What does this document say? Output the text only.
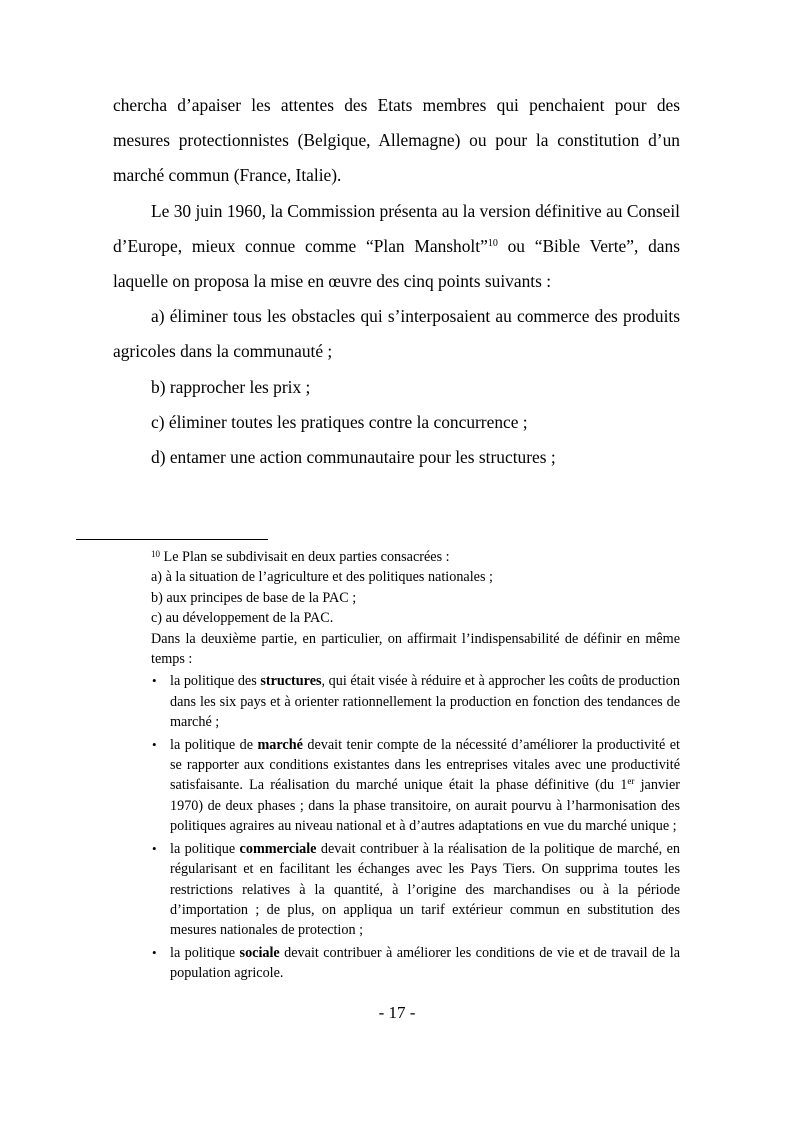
chercha d’apaiser les attentes des Etats membres qui penchaient pour des mesures protectionnistes (Belgique, Allemagne) ou pour la constitution d’un marché commun (France, Italie).

Le 30 juin 1960, la Commission présenta au la version définitive au Conseil d’Europe, mieux connue comme “Plan Mansholt”$^{10}$ ou “Bible Verte”, dans laquelle on proposa la mise en œuvre des cinq points suivants :

a) éliminer tous les obstacles qui s’interposaient au commerce des produits agricoles dans la communauté ;

b) rapprocher les prix ;

c) éliminer toutes les pratiques contre la concurrence ;

d) entamer une action communautaire pour les structures ;

$^{10}$ Le Plan se subdivisait en deux parties consacrées :

a) à la situation de l’agriculture et des politiques nationales ;

b) aux principes de base de la PAC ;

c) au développement de la PAC.

Dans la deuxième partie, en particulier, on affirmait l’indispensabilité de définir en même temps :

• la politique des structures, qui était visée à réduire et à approcher les coûts de production dans les six pays et à orienter rationnellement la production en fonction des tendances de marché ;
• la politique de marché devait tenir compte de la nécessité d’améliorer la productivité et se rapporter aux conditions existantes dans les entreprises vitales avec une productivité satisfaisante. La réalisation du marché unique était la phase définitive (du 1er janvier 1970) de deux phases ; dans la phase transitoire, on aurait pourvu à l’harmonisation des politiques agraires au niveau national et à d’autres adaptations en vue du marché unique ;
• la politique commerciale devait contribuer à la réalisation de la politique de marché, en régularisant et en facilitant les échanges avec les Pays Tiers. On supprima toutes les restrictions relatives à la quantité, à l’origine des marchandises ou à la période d’importation ; de plus, on appliqua un tarif extérieur commun en substitution des mesures nationales de protection ;
• la politique sociale devait contribuer à améliorer les conditions de vie et de travail de la population agricole.
- 17 -
